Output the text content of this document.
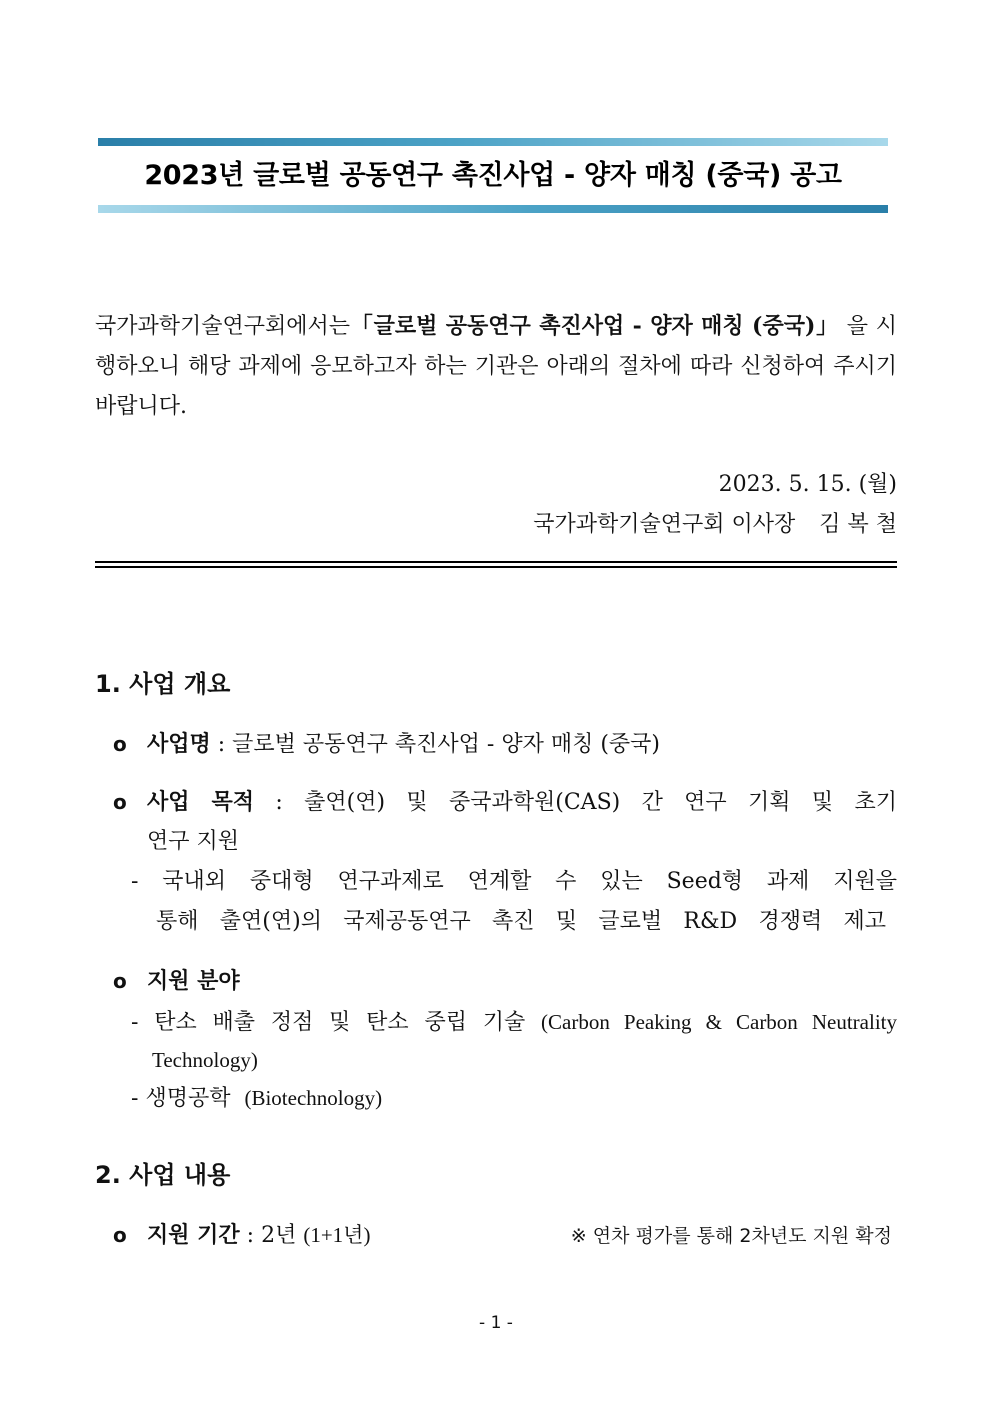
2023년 글로벌 공동연구 촉진사업 - 양자 매칭 (중국) 공고
국가과학기술연구회에서는「글로벌 공동연구 촉진사업 - 양자 매칭 (중국)」 을 시행하오니 해당 과제에 응모하고자 하는 기관은 아래의 절차에 따라 신청하여 주시기 바랍니다.
2023. 5. 15. (월)
국가과학기술연구회 이사장 김 복 철
1. 사업 개요
o 사업명 : 글로벌 공동연구 촉진사업 - 양자 매칭 (중국)
o 사업 목적 : 출연(연) 및 중국과학원(CAS) 간 연구 기획 및 초기
연구 지원
- 국내외 중대형 연구과제로 연계할 수 있는 Seed형 과제 지원을
통해 출연(연)의 국제공동연구 촉진 및 글로벌 R&D 경쟁력 제고
o 지원 분야
- 탄소 배출 정점 및 탄소 중립 기술 (Carbon Peaking & Carbon Neutrality
Technology)
- 생명공학 (Biotechnology)
2. 사업 내용
o 지원 기간 : 2년 (1+1년)	※ 연차 평가를 통해 2차년도 지원 확정
- 1 -
